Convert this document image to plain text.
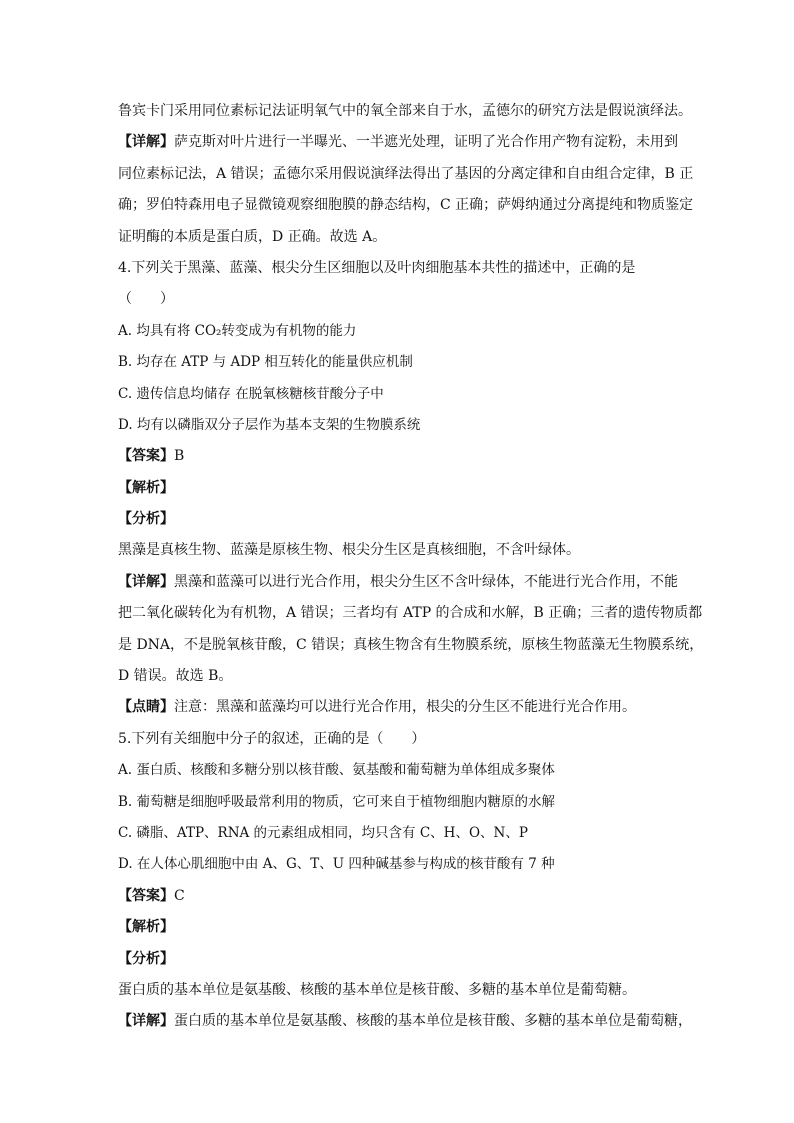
鲁宾卡门采用同位素标记法证明氧气中的氧全部来自于水，孟德尔的研究方法是假说演绎法。
【详解】萨克斯对叶片进行一半曝光、一半遮光处理，证明了光合作用产物有淀粉，未用到
同位素标记法，A 错误；孟德尔采用假说演绎法得出了基因的分离定律和自由组合定律，B 正
确；罗伯特森用电子显微镜观察细胞膜的静态结构，C 正确；萨姆纳通过分离提纯和物质鉴定
证明酶的本质是蛋白质，D 正确。故选 A。
4.下列关于黑藻、蓝藻、根尖分生区细胞以及叶肉细胞基本共性的描述中，正确的是
（　　）
A. 均具有将 CO₂转变成为有机物的能力
B. 均存在 ATP 与 ADP 相互转化的能量供应机制
C. 遗传信息均储存 在脱氧核糖核苷酸分子中
D. 均有以磷脂双分子层作为基本支架的生物膜系统
【答案】B
【解析】
【分析】
黑藻是真核生物、蓝藻是原核生物、根尖分生区是真核细胞，不含叶绿体。
【详解】黑藻和蓝藻可以进行光合作用，根尖分生区不含叶绿体，不能进行光合作用，不能
把二氧化碳转化为有机物，A 错误；三者均有 ATP 的合成和水解，B 正确；三者的遗传物质都
是 DNA，不是脱氧核苷酸，C 错误；真核生物含有生物膜系统，原核生物蓝藻无生物膜系统，
D 错误。故选 B。
【点睛】注意：黑藻和蓝藻均可以进行光合作用，根尖的分生区不能进行光合作用。
5.下列有关细胞中分子的叙述，正确的是（　　）
A. 蛋白质、核酸和多糖分别以核苷酸、氨基酸和葡萄糖为单体组成多聚体
B. 葡萄糖是细胞呼吸最常利用的物质，它可来自于植物细胞内糖原的水解
C. 磷脂、ATP、RNA 的元素组成相同，均只含有 C、H、O、N、P
D. 在人体心肌细胞中由 A、G、T、U 四种碱基参与构成的核苷酸有 7 种
【答案】C
【解析】
【分析】
蛋白质的基本单位是氨基酸、核酸的基本单位是核苷酸、多糖的基本单位是葡萄糖。
【详解】蛋白质的基本单位是氨基酸、核酸的基本单位是核苷酸、多糖的基本单位是葡萄糖，
